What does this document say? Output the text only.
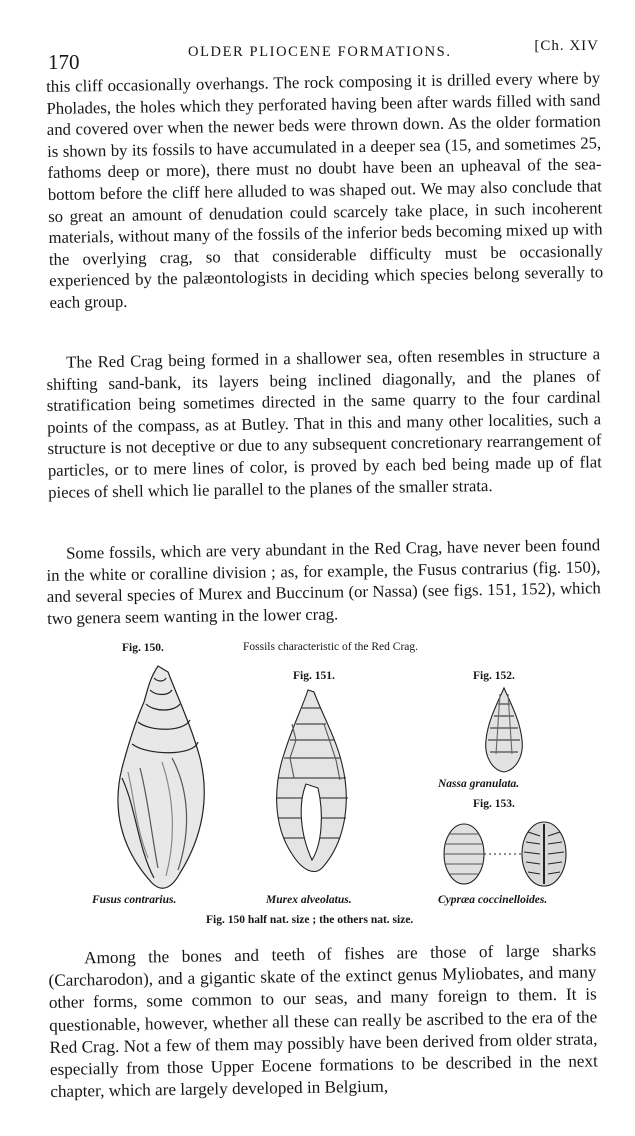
170	OLDER PLIOCENE FORMATIONS.	[Ch. XIV
this cliff occasionally overhangs. The rock composing it is drilled every where by Pholades, the holes which they perforated having been after wards filled with sand and covered over when the newer beds were thrown down. As the older formation is shown by its fossils to have accumulated in a deeper sea (15, and sometimes 25, fathoms deep or more), there must no doubt have been an upheaval of the sea-bottom before the cliff here alluded to was shaped out. We may also conclude that so great an amount of denudation could scarcely take place, in such incoherent materials, without many of the fossils of the inferior beds becoming mixed up with the overlying crag, so that considerable difficulty must be occasionally experienced by the palæontologists in deciding which species belong severally to each group.
The Red Crag being formed in a shallower sea, often resembles in structure a shifting sand-bank, its layers being inclined diagonally, and the planes of stratification being sometimes directed in the same quarry to the four cardinal points of the compass, as at Butley. That in this and many other localities, such a structure is not deceptive or due to any subsequent concretionary rearrangement of particles, or to mere lines of color, is proved by each bed being made up of flat pieces of shell which lie parallel to the planes of the smaller strata.
Some fossils, which are very abundant in the Red Crag, have never been found in the white or coralline division ; as, for example, the Fusus contrarius (fig. 150), and several species of Murex and Buccinum (or Nassa) (see figs. 151, 152), which two genera seem wanting in the lower crag.
Fig. 150.	Fossils characteristic of the Red Crag.
Fig. 151.	Fig. 152.
Nassa granulata.
Fig. 153.
Fusus contrarius.	Murex alveolatus.	Cypræa coccinelloides.
Fig. 150 half nat. size ; the others nat. size.
Among the bones and teeth of fishes are those of large sharks (Carcharodon), and a gigantic skate of the extinct genus Myliobates, and many other forms, some common to our seas, and many foreign to them. It is questionable, however, whether all these can really be ascribed to the era of the Red Crag. Not a few of them may possibly have been derived from older strata, especially from those Upper Eocene formations to be described in the next chapter, which are largely developed in Belgium,
